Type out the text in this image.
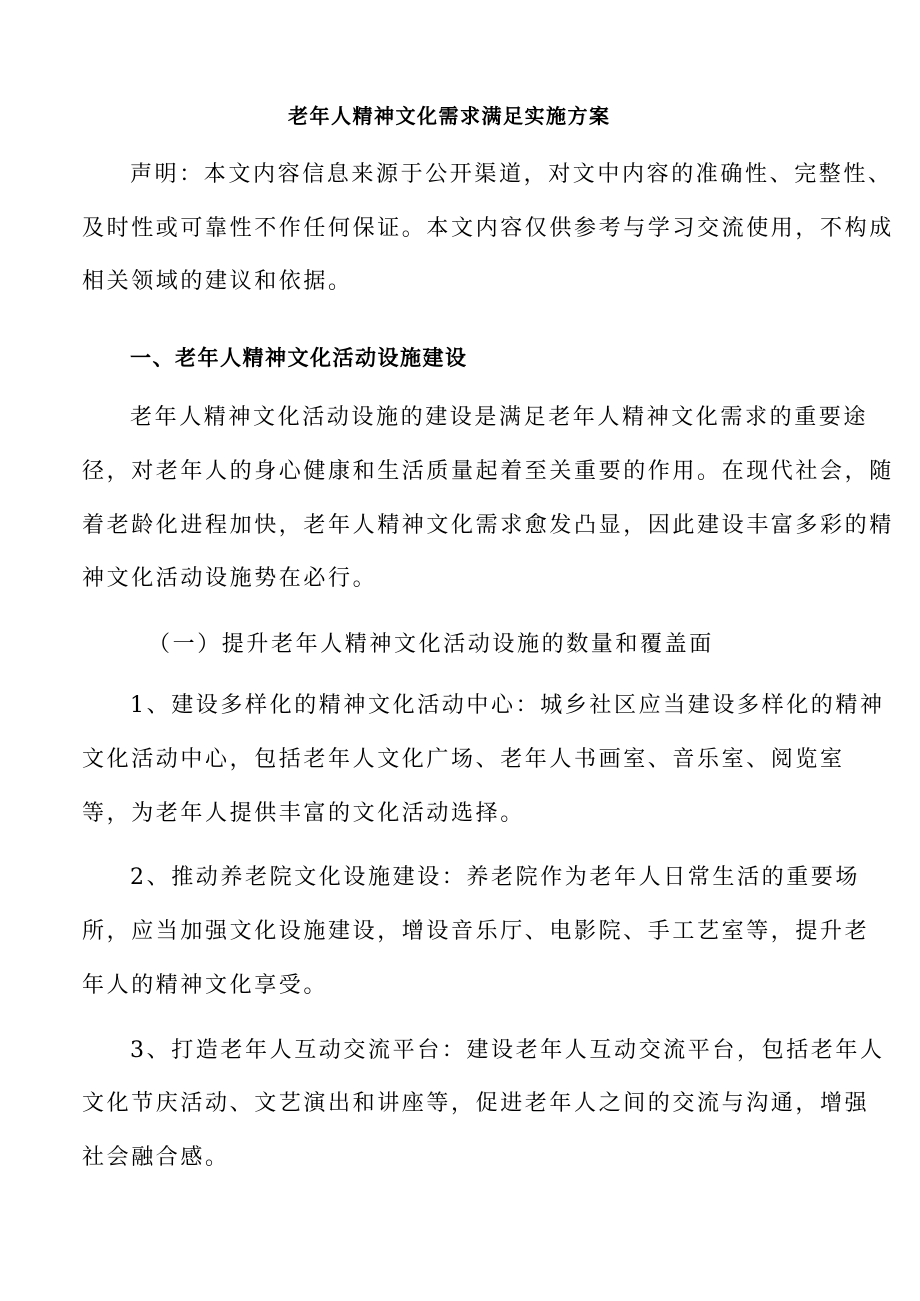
老年人精神文化需求满足实施方案
声明：本文内容信息来源于公开渠道，对文中内容的准确性、完整性、
及时性或可靠性不作任何保证。本文内容仅供参考与学习交流使用，不构成
相关领域的建议和依据。
一、老年人精神文化活动设施建设
老年人精神文化活动设施的建设是满足老年人精神文化需求的重要途
径，对老年人的身心健康和生活质量起着至关重要的作用。在现代社会，随
着老龄化进程加快，老年人精神文化需求愈发凸显，因此建设丰富多彩的精
神文化活动设施势在必行。
（一）提升老年人精神文化活动设施的数量和覆盖面
1、建设多样化的精神文化活动中心：城乡社区应当建设多样化的精神
文化活动中心，包括老年人文化广场、老年人书画室、音乐室、阅览室
等，为老年人提供丰富的文化活动选择。
2、推动养老院文化设施建设：养老院作为老年人日常生活的重要场
所，应当加强文化设施建设，增设音乐厅、电影院、手工艺室等，提升老
年人的精神文化享受。
3、打造老年人互动交流平台：建设老年人互动交流平台，包括老年人
文化节庆活动、文艺演出和讲座等，促进老年人之间的交流与沟通，增强
社会融合感。
